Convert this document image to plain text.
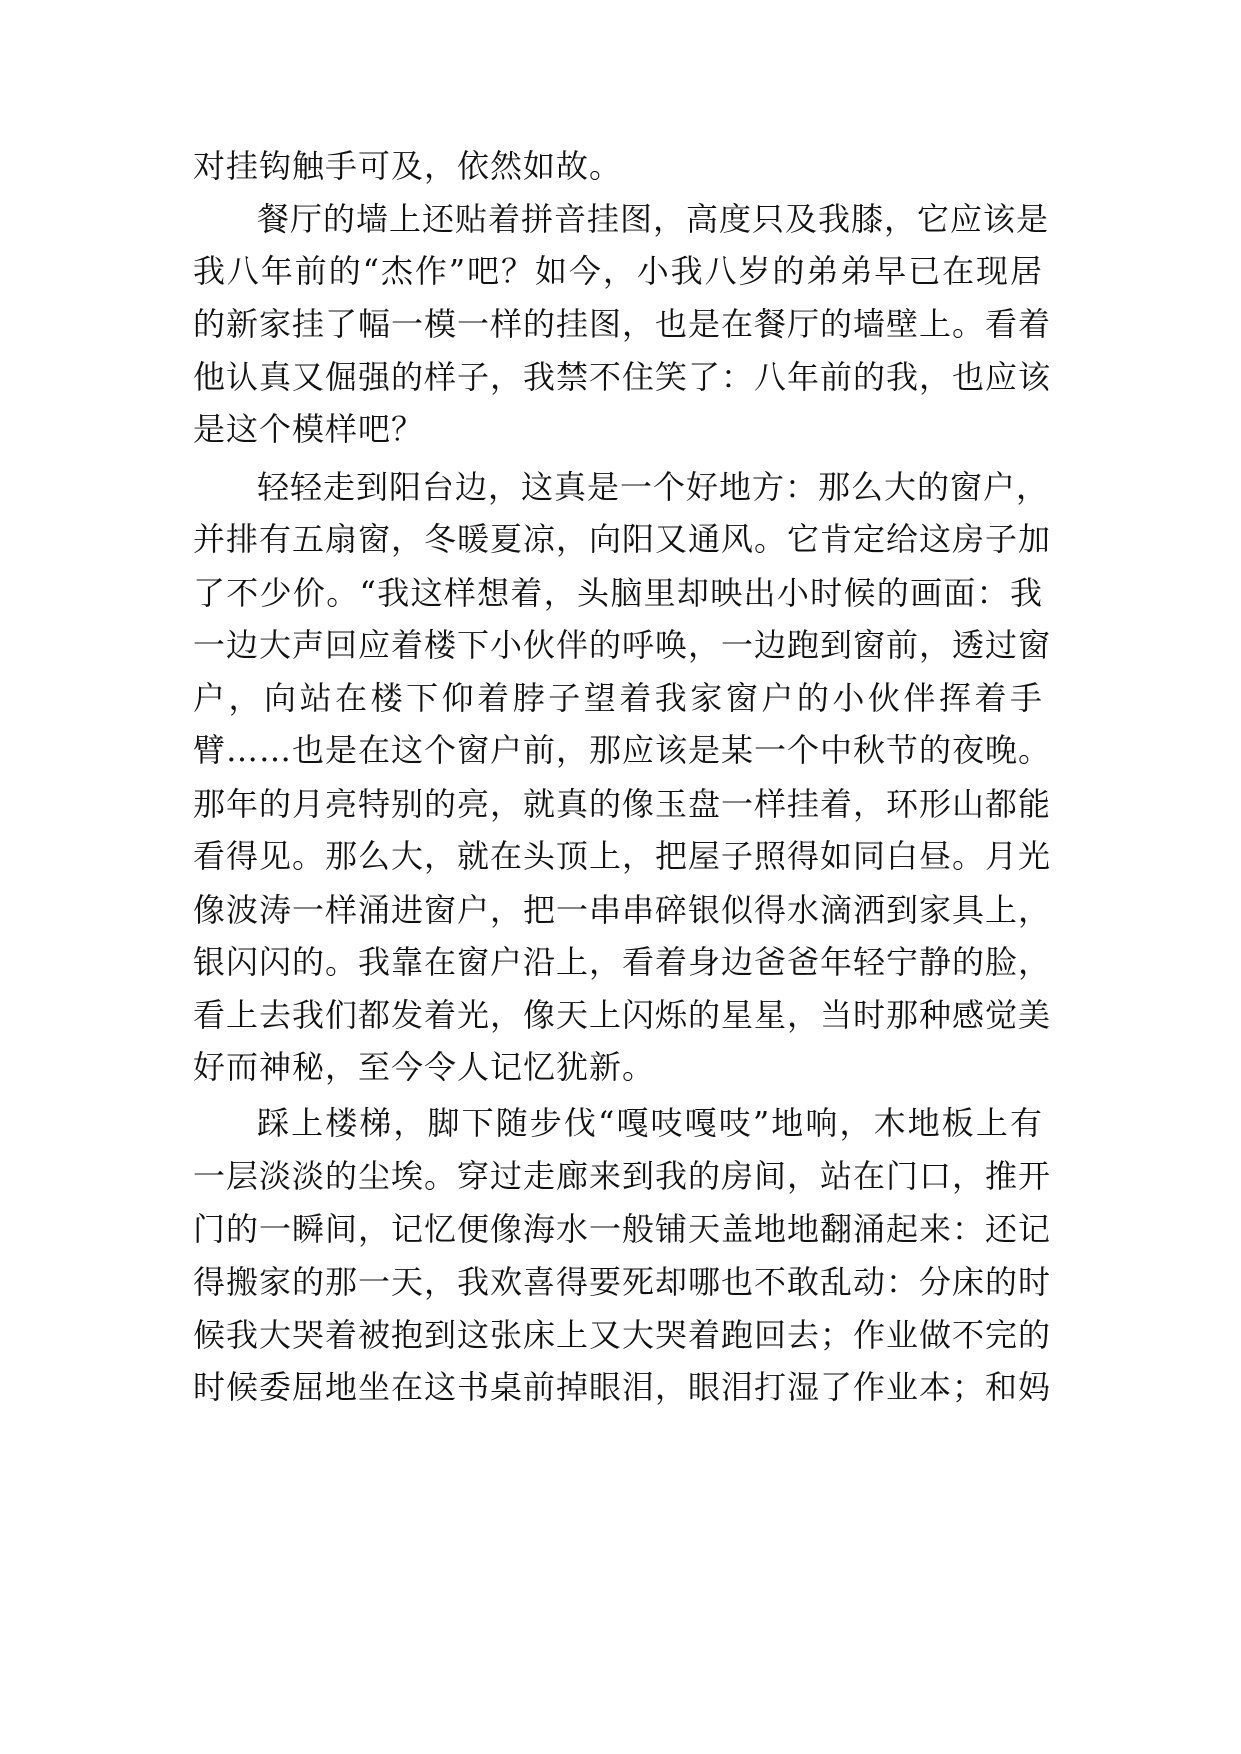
对挂钩触手可及，依然如故。
餐厅的墙上还贴着拼音挂图，高度只及我膝，它应该是
我八年前的“杰作”吧？如今，小我八岁的弟弟早已在现居
的新家挂了幅一模一样的挂图，也是在餐厅的墙壁上。看着
他认真又倔强的样子，我禁不住笑了：八年前的我，也应该
是这个模样吧？
轻轻走到阳台边，这真是一个好地方：那么大的窗户，
并排有五扇窗，冬暖夏凉，向阳又通风。它肯定给这房子加
了不少价。“我这样想着，头脑里却映出小时候的画面：我
一边大声回应着楼下小伙伴的呼唤，一边跑到窗前，透过窗
户，向站在楼下仰着脖子望着我家窗户的小伙伴挥着手
臂……也是在这个窗户前，那应该是某一个中秋节的夜晚。
那年的月亮特别的亮，就真的像玉盘一样挂着，环形山都能
看得见。那么大，就在头顶上，把屋子照得如同白昼。月光
像波涛一样涌进窗户，把一串串碎银似得水滴洒到家具上，
银闪闪的。我靠在窗户沿上，看着身边爸爸年轻宁静的脸，
看上去我们都发着光，像天上闪烁的星星，当时那种感觉美
好而神秘，至今令人记忆犹新。
踩上楼梯，脚下随步伐“嘎吱嘎吱”地响，木地板上有
一层淡淡的尘埃。穿过走廊来到我的房间，站在门口，推开
门的一瞬间，记忆便像海水一般铺天盖地地翻涌起来：还记
得搬家的那一天，我欢喜得要死却哪也不敢乱动：分床的时
候我大哭着被抱到这张床上又大哭着跑回去；作业做不完的
时候委屈地坐在这书桌前掉眼泪，眼泪打湿了作业本；和妈
